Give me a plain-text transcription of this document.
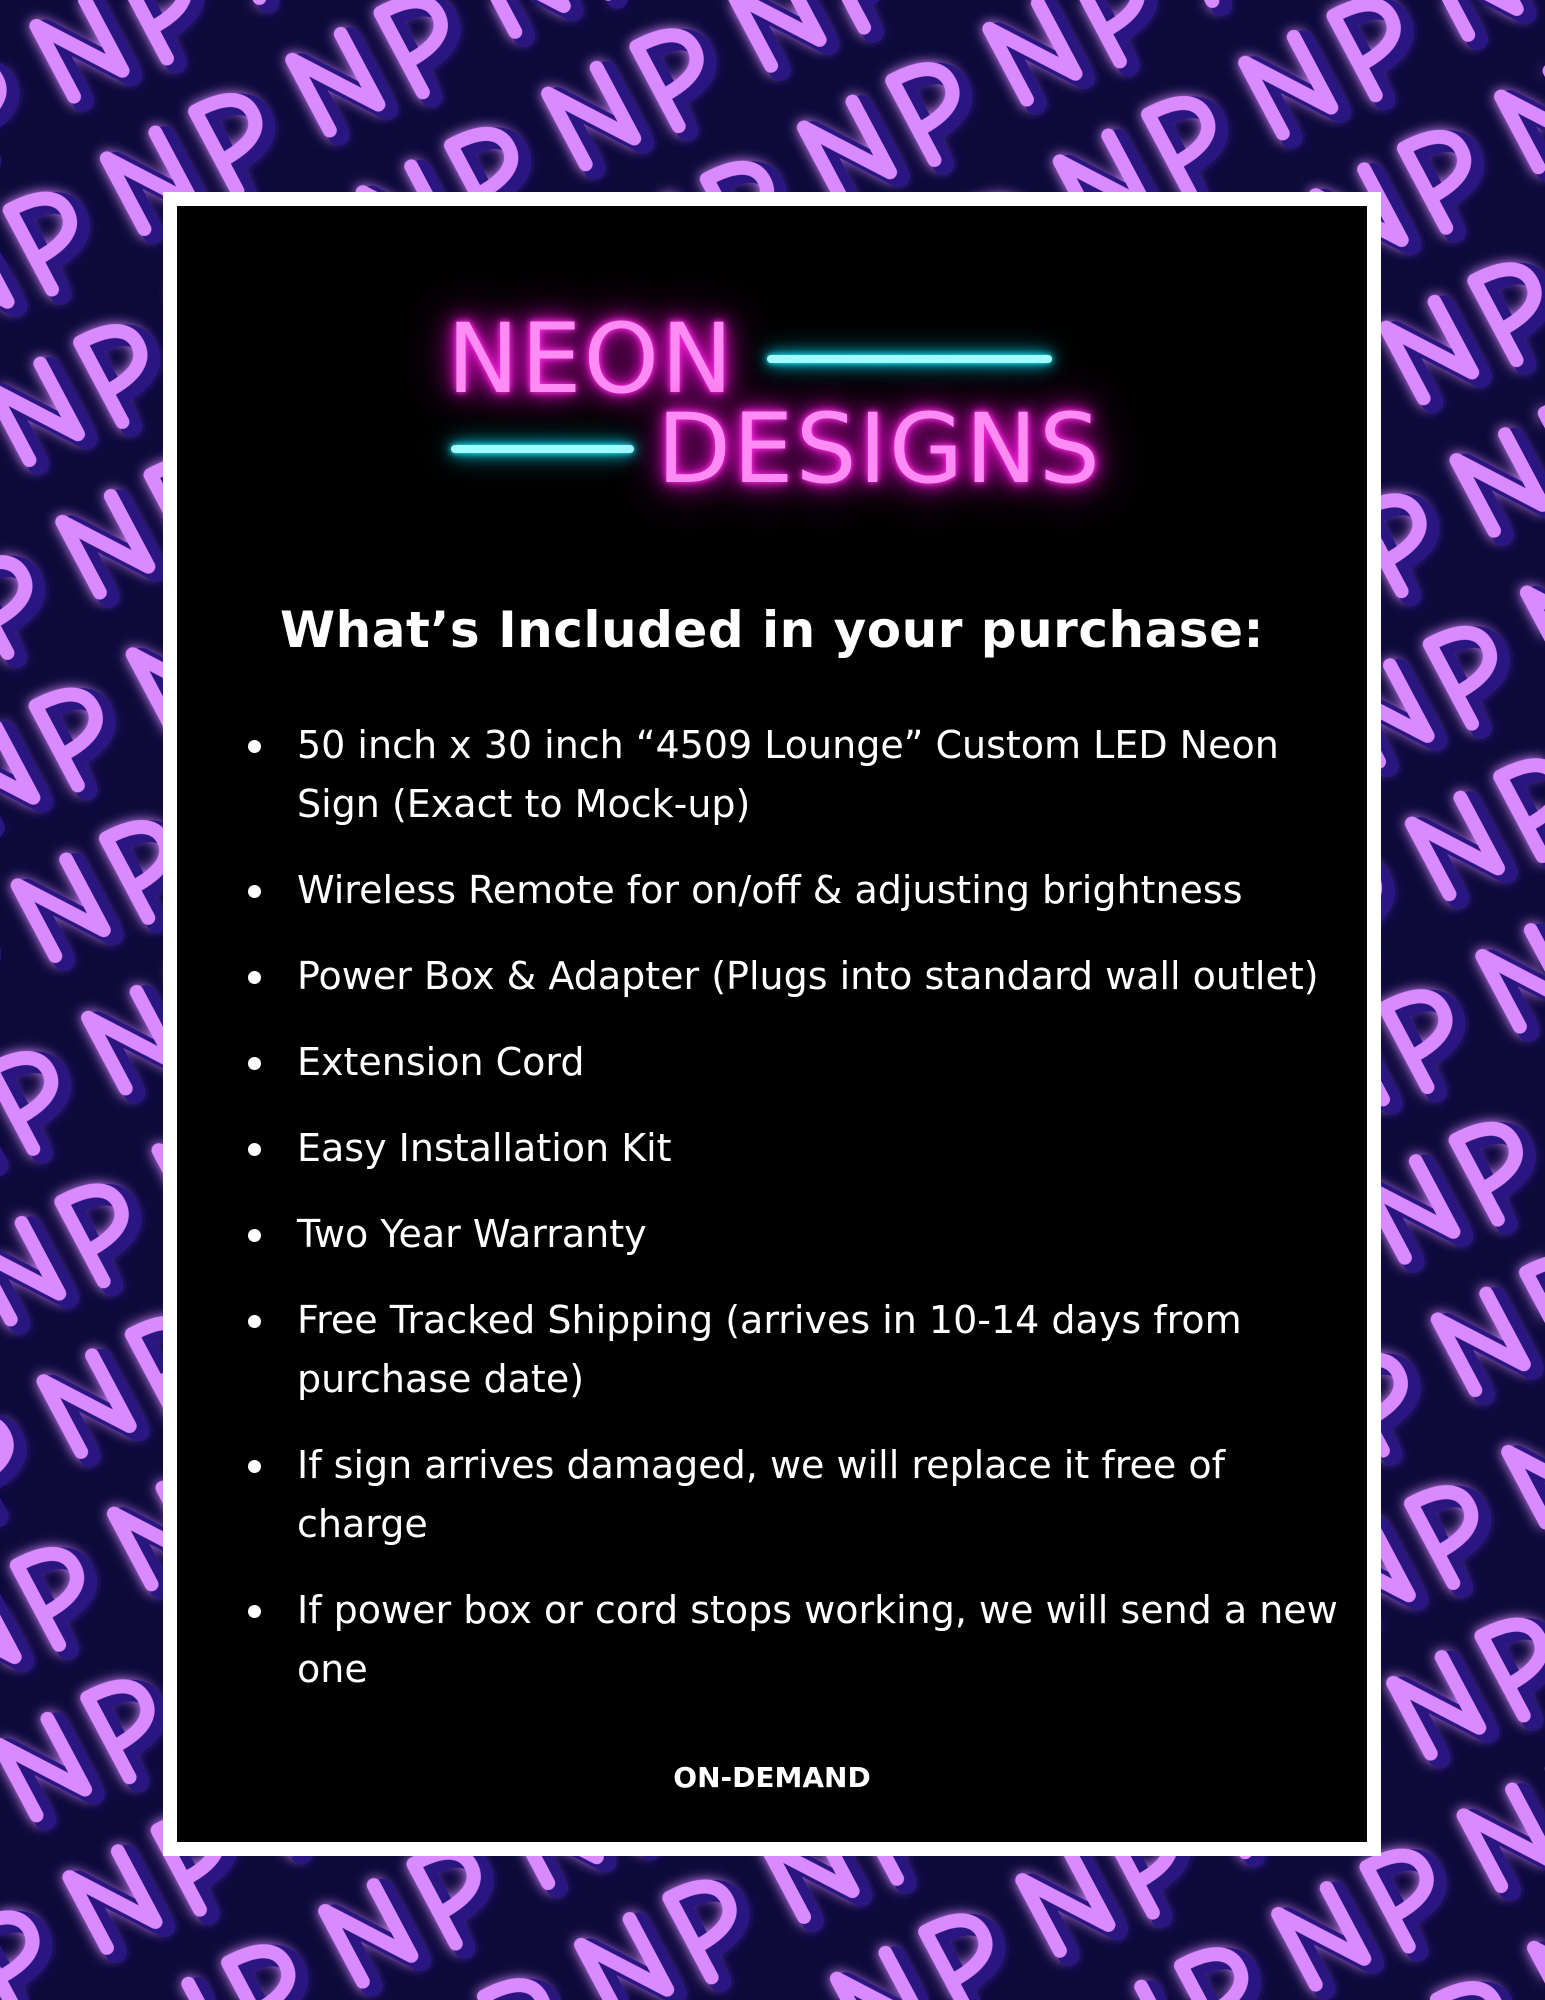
NEON
DESIGNS
What’s Included in your purchase:
50 inch x 30 inch “4509 Lounge” Custom LED Neon Sign (Exact to Mock-up)
Wireless Remote for on/off & adjusting brightness
Power Box & Adapter (Plugs into standard wall outlet)
Extension Cord
Easy Installation Kit
Two Year Warranty
Free Tracked Shipping (arrives in 10-14 days from purchase date)
If sign arrives damaged, we will replace it free of charge
If power box or cord stops working, we will send a new one

ON-DEMAND
